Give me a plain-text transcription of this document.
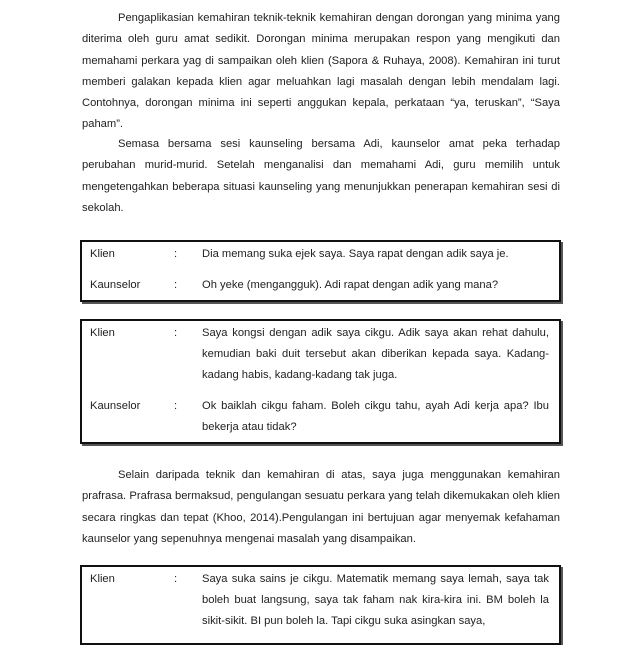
Pengaplikasian kemahiran teknik-teknik kemahiran dengan dorongan yang minima yang diterima oleh guru amat sedikit. Dorongan minima merupakan respon yang mengikuti dan memahami perkara yag di sampaikan oleh klien (Sapora & Ruhaya, 2008). Kemahiran ini turut memberi galakan kepada klien agar meluahkan lagi masalah dengan lebih mendalam lagi. Contohnya, dorongan minima ini seperti anggukan kepala, perkataan “ya, teruskan”, “Saya paham”.

Semasa bersama sesi kaunseling bersama Adi, kaunselor amat peka terhadap perubahan murid-murid. Setelah menganalisi dan memahami Adi, guru memilih untuk mengetengahkan beberapa situasi kaunseling yang menunjukkan penerapan kemahiran sesi di sekolah.

Klien	:	Dia memang suka ejek saya. Saya rapat dengan adik saya je.
Kaunselor	:	Oh yeke (mengangguk). Adi rapat dengan adik yang mana?
Klien	:	Saya kongsi dengan adik saya cikgu. Adik saya akan rehat dahulu, kemudian baki duit tersebut akan diberikan kepada saya. Kadang-kadang habis, kadang-kadang tak juga.
Kaunselor	:	Ok baiklah cikgu faham. Boleh cikgu tahu, ayah Adi kerja apa? Ibu bekerja atau tidak?

Selain daripada teknik dan kemahiran di atas, saya juga menggunakan kemahiran prafrasa. Prafrasa bermaksud, pengulangan sesuatu perkara yang telah dikemukakan oleh klien secara ringkas dan tepat (Khoo, 2014).Pengulangan ini bertujuan agar menyemak kefahaman kaunselor yang sepenuhnya mengenai masalah yang disampaikan.

Klien	:	Saya suka sains je cikgu. Matematik memang saya lemah, saya tak boleh buat langsung, saya tak faham nak kira-kira ini. BM boleh la sikit-sikit. BI pun boleh la. Tapi cikgu suka asingkan saya,
